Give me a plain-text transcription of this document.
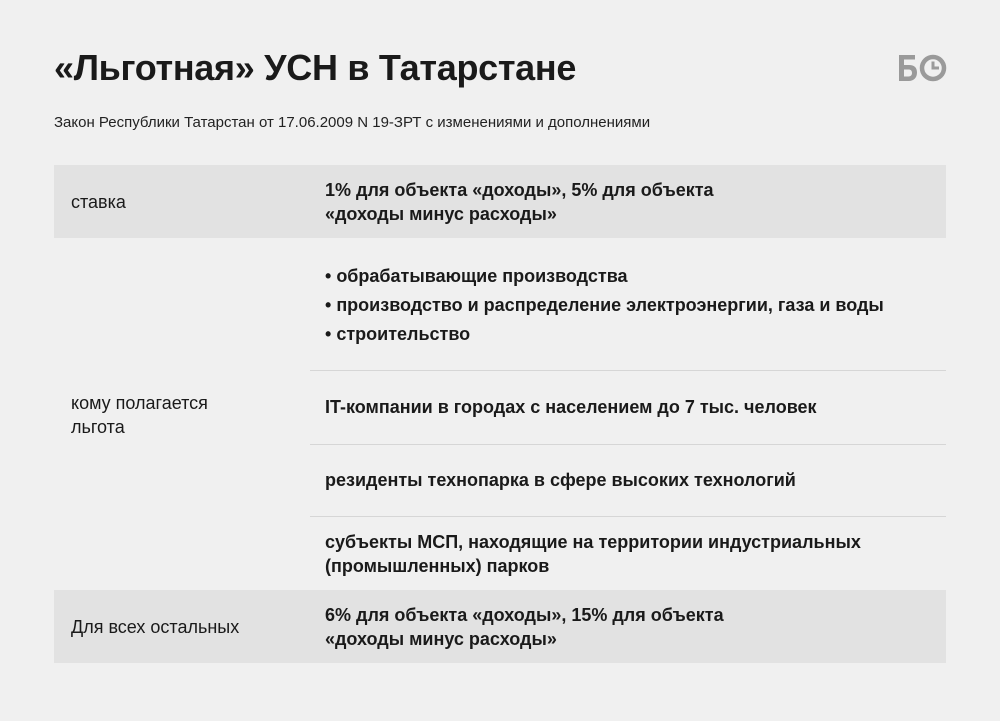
«Льготная» УСН в Татарстане
Закон Республики Татарстан от 17.06.2009 N 19-ЗРТ с изменениями и дополнениями
ставка
1% для объекта «доходы», 5% для объекта
«доходы минус расходы»
кому полагается
льгота
• обрабатывающие производства
• производство и распределение электроэнергии, газа и воды
• строительство
IT-компании в городах с населением до 7 тыс. человек
резиденты технопарка в сфере высоких технологий
субъекты МСП, находящие на территории индустриальных
(промышленных) парков
Для всех остальных
6% для объекта «доходы», 15% для объекта
«доходы минус расходы»
